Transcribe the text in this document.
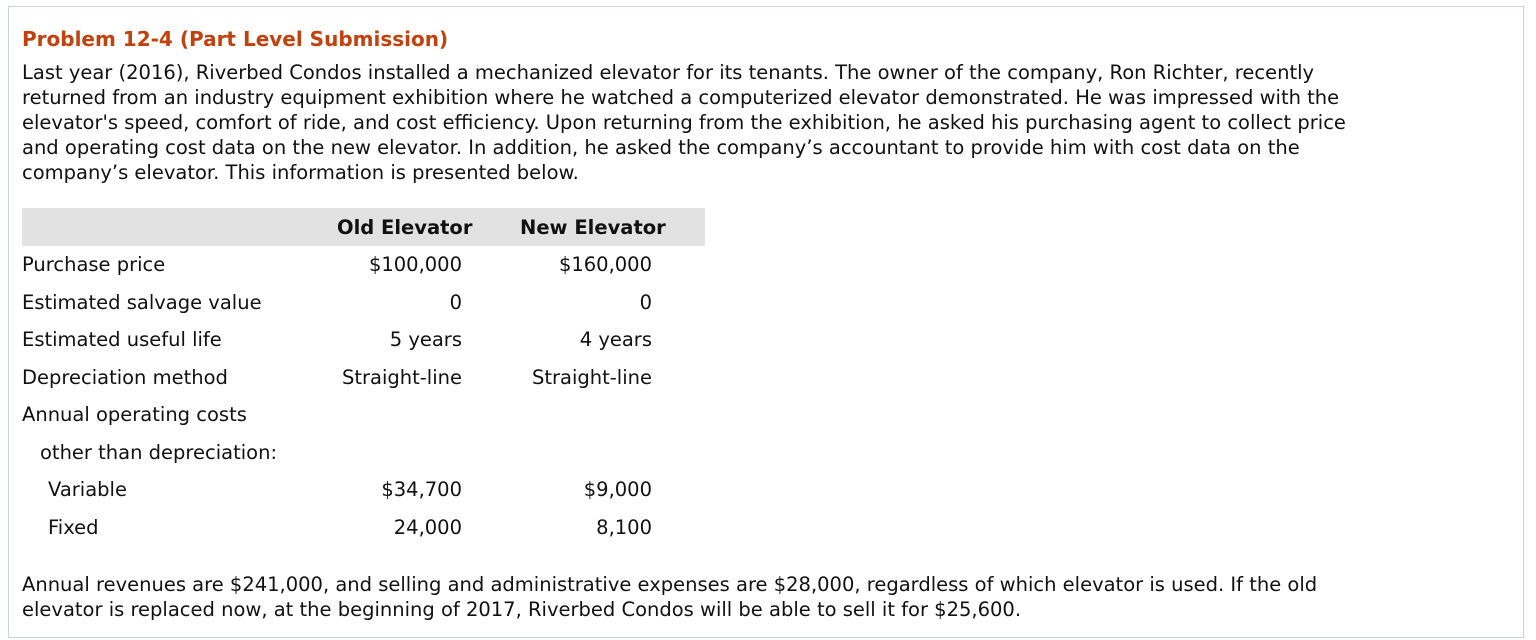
Problem 12-4 (Part Level Submission)
Last year (2016), Riverbed Condos installed a mechanized elevator for its tenants. The owner of the company, Ron Richter, recently
returned from an industry equipment exhibition where he watched a computerized elevator demonstrated. He was impressed with the
elevator's speed, comfort of ride, and cost efficiency. Upon returning from the exhibition, he asked his purchasing agent to collect price
and operating cost data on the new elevator. In addition, he asked the company’s accountant to provide him with cost data on the
company’s elevator. This information is presented below.
	Old Elevator		New Elevator	
Purchase price	$100,000		$160,000	
Estimated salvage value	0		0	
Estimated useful life	5 years		4 years	
Depreciation method	Straight-line		Straight-line	
Annual operating costs				
other than depreciation:				
Variable	$34,700		$9,000	
Fixed	24,000		8,100	
Annual revenues are $241,000, and selling and administrative expenses are $28,000, regardless of which elevator is used. If the old
elevator is replaced now, at the beginning of 2017, Riverbed Condos will be able to sell it for $25,600.
